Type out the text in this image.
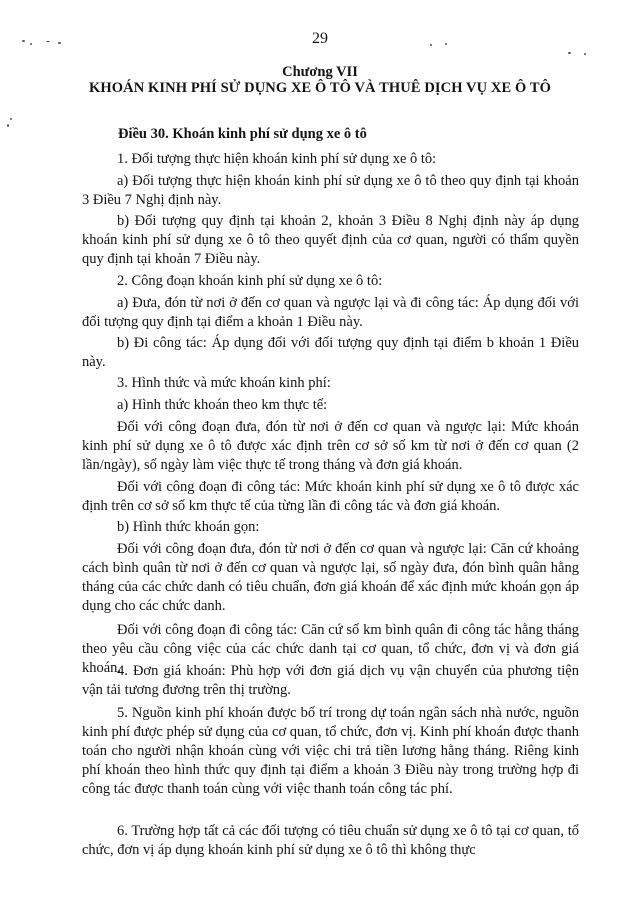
29
Chương VII
KHOÁN KINH PHÍ SỬ DỤNG XE Ô TÔ VÀ THUÊ DỊCH VỤ XE Ô TÔ
Điều 30. Khoán kinh phí sử dụng xe ô tô

1. Đối tượng thực hiện khoán kinh phí sử dụng xe ô tô:

a) Đối tượng thực hiện khoán kinh phí sử dụng xe ô tô theo quy định tại khoản 3 Điều 7 Nghị định này.

b) Đối tượng quy định tại khoản 2, khoản 3 Điều 8 Nghị định này áp dụng khoán kinh phí sử dụng xe ô tô theo quyết định của cơ quan, người có thẩm quyền quy định tại khoản 7 Điều này.

2. Công đoạn khoán kinh phí sử dụng xe ô tô:

a) Đưa, đón từ nơi ở đến cơ quan và ngược lại và đi công tác: Áp dụng đối với đối tượng quy định tại điểm a khoản 1 Điều này.

b) Đi công tác: Áp dụng đối với đối tượng quy định tại điểm b khoản 1 Điều này.

3. Hình thức và mức khoán kinh phí:

a) Hình thức khoán theo km thực tế:

Đối với công đoạn đưa, đón từ nơi ở đến cơ quan và ngược lại: Mức khoán kinh phí sử dụng xe ô tô được xác định trên cơ sở số km từ nơi ở đến cơ quan (2 lần/ngày), số ngày làm việc thực tế trong tháng và đơn giá khoán.

Đối với công đoạn đi công tác: Mức khoán kinh phí sử dụng xe ô tô được xác định trên cơ sở số km thực tế của từng lần đi công tác và đơn giá khoán.

b) Hình thức khoán gọn:

Đối với công đoạn đưa, đón từ nơi ở đến cơ quan và ngược lại: Căn cứ khoảng cách bình quân từ nơi ở đến cơ quan và ngược lại, số ngày đưa, đón bình quân hằng tháng của các chức danh có tiêu chuẩn, đơn giá khoán để xác định mức khoán gọn áp dụng cho các chức danh.

Đối với công đoạn đi công tác: Căn cứ số km bình quân đi công tác hằng tháng theo yêu cầu công việc của các chức danh tại cơ quan, tổ chức, đơn vị và đơn giá khoán.

4. Đơn giá khoán: Phù hợp với đơn giá dịch vụ vận chuyển của phương tiện vận tải tương đương trên thị trường.

5. Nguồn kinh phí khoán được bố trí trong dự toán ngân sách nhà nước, nguồn kinh phí được phép sử dụng của cơ quan, tổ chức, đơn vị. Kinh phí khoán được thanh toán cho người nhận khoán cùng với việc chi trả tiền lương hằng tháng. Riêng kinh phí khoán theo hình thức quy định tại điểm a khoản 3 Điều này trong trường hợp đi công tác được thanh toán cùng với việc thanh toán công tác phí.

6. Trường hợp tất cả các đối tượng có tiêu chuẩn sử dụng xe ô tô tại cơ quan, tổ chức, đơn vị áp dụng khoán kinh phí sử dụng xe ô tô thì không thực
